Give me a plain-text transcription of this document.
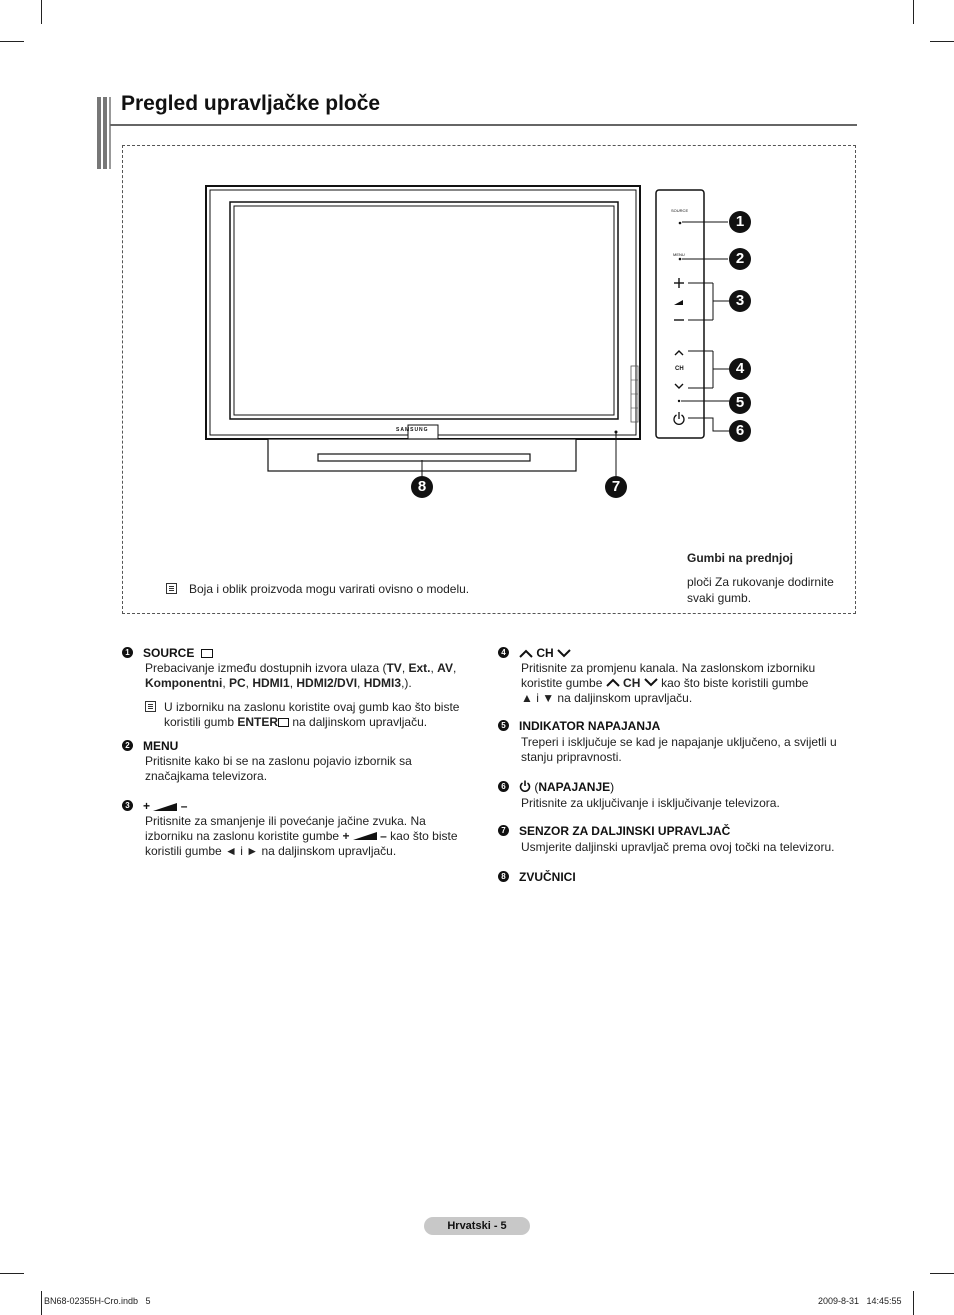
Pregled upravljačke ploče
SAMSUNG
SOURCE
MENU
CH
1
2
3
4
5
6
7
8
Gumbi na prednjoj
ploči Za rukovanje dodirnite
svaki gumb.
Boja i oblik proizvoda mogu varirati ovisno o modelu.
1 SOURCE
Prebacivanje između dostupnih izvora ulaza (TV, Ext., AV,
Komponentni, PC, HDMI1, HDMI2/DVI, HDMI3,).
U izborniku na zaslonu koristite ovaj gumb kao što biste
koristili gumb ENTER na daljinskom upravljaču.
2 MENU
Pritisnite kako bi se na zaslonu pojavio izbornik sa
značajkama televizora.
3 +	–
Pritisnite za smanjenje ili povećanje jačine zvuka. Na
izborniku na zaslonu koristite gumbe +	– kao što biste
koristili gumbe ◄ i ► na daljinskom upravljaču.
4	CH
Pritisnite za promjenu kanala. Na zaslonskom izborniku
koristite gumbe  CH  kao što biste koristili gumbe
▲ i ▼ na daljinskom upravljaču.
5 INDIKATOR NAPAJANJA
Treperi i isključuje se kad je napajanje uključeno, a svijetli u
stanju pripravnosti.
6	(NAPAJANJE)
Pritisnite za uključivanje i isključivanje televizora.
7 SENZOR ZA DALJINSKI UPRAVLJAČ
Usmjerite daljinski upravljač prema ovoj točki na televizoru.
8 ZVUČNICI
Hrvatski - 5
BN68-02355H-Cro.indb   5	2009-8-31   14:45:55
